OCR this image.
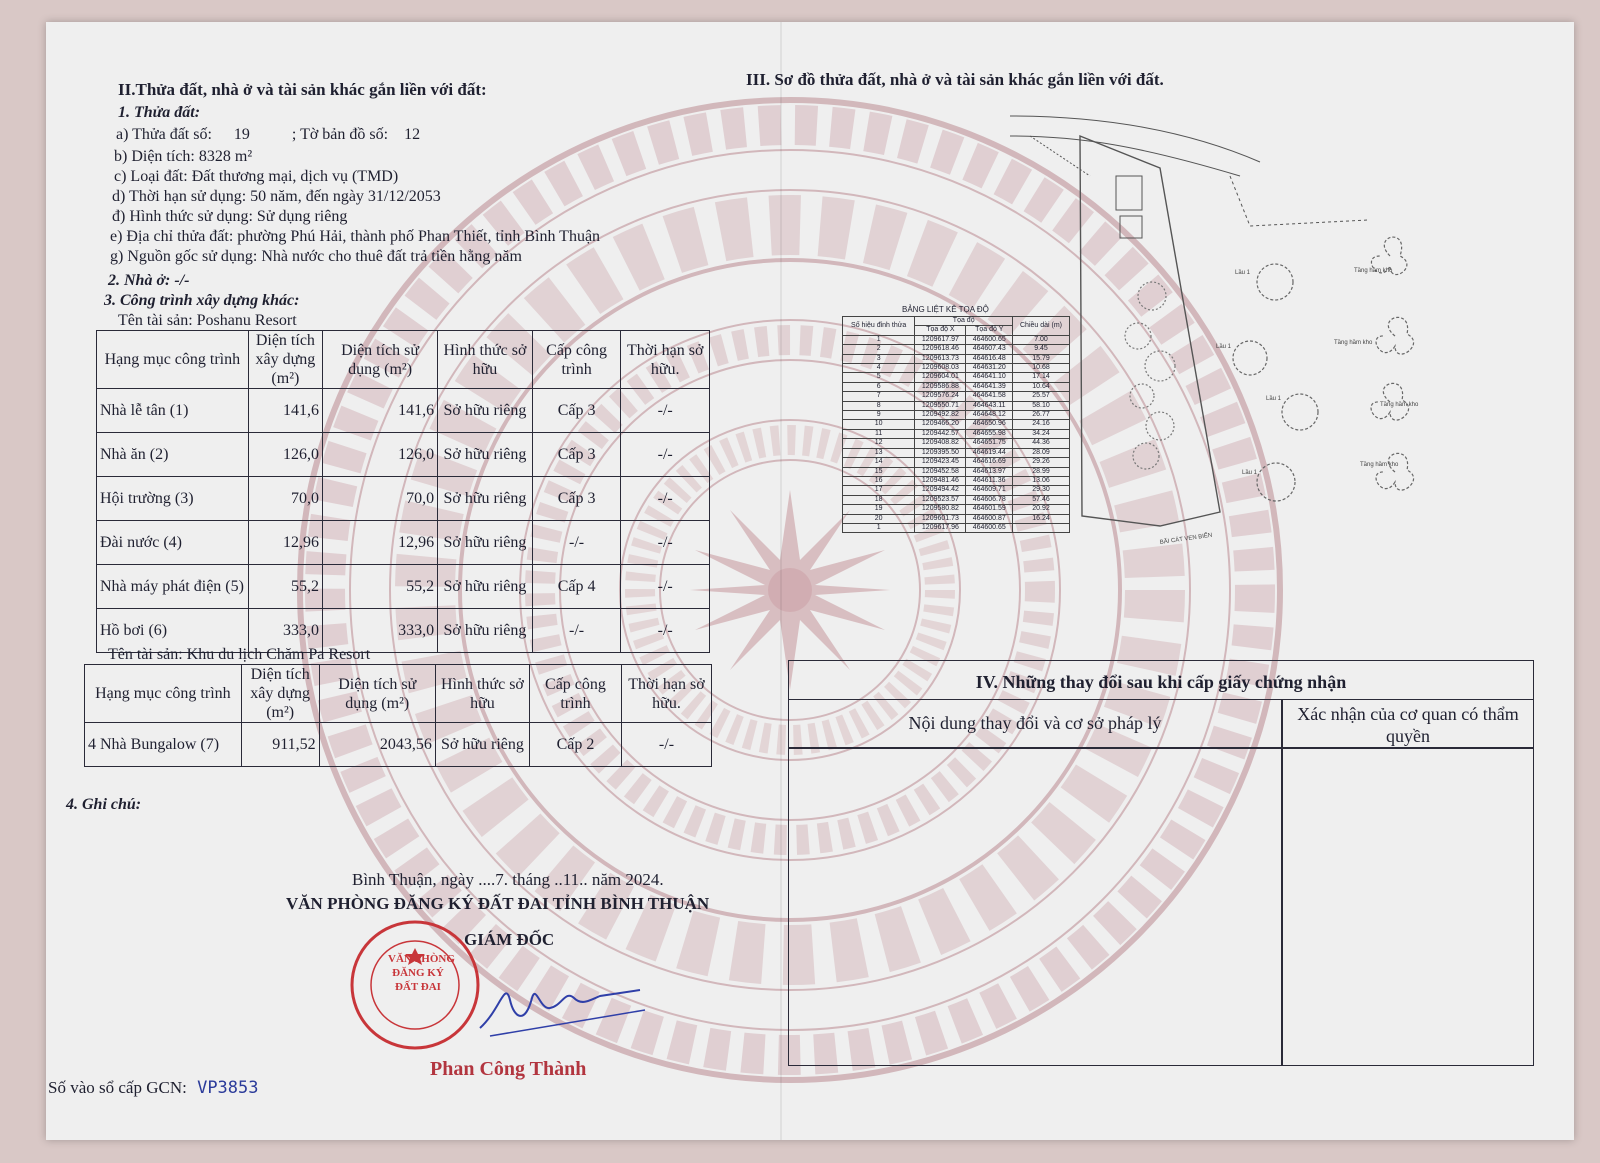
II.Thửa đất, nhà ở và tài sản khác gắn liền với đất:
1. Thửa đất:
a) Thửa đất số: 19	; Tờ bản đồ số: 12
b) Diện tích: 8328 m²
c) Loại đất: Đất thương mại, dịch vụ (TMD)
d) Thời hạn sử dụng: 50 năm, đến ngày 31/12/2053
đ) Hình thức sử dụng: Sử dụng riêng
e) Địa chỉ thửa đất: phường Phú Hải, thành phố Phan Thiết, tỉnh Bình Thuận
g) Nguồn gốc sử dụng: Nhà nước cho thuê đất trả tiền hằng năm
2. Nhà ở: -/-
3. Công trình xây dựng khác:
Tên tài sản: Poshanu Resort
Hạng mục công trình	Diện tích xây dựng (m²)	Diện tích sử dụng (m²)	Hình thức sở hữu	Cấp công trình	Thời hạn sở hữu.
Nhà lễ tân (1)	141,6	141,6	Sở hữu riêng	Cấp 3	-/-
Nhà ăn (2)	126,0	126,0	Sở hữu riêng	Cấp 3	-/-
Hội trường (3)	70,0	70,0	Sở hữu riêng	Cấp 3	-/-
Đài nước (4)	12,96	12,96	Sở hữu riêng	-/-	-/-
Nhà máy phát điện (5)	55,2	55,2	Sở hữu riêng	Cấp 4	-/-
Hồ bơi (6)	333,0	333,0	Sở hữu riêng	-/-	-/-
Tên tài sản: Khu du lịch Chăm Pa Resort
Hạng mục công trình	Diện tích xây dựng (m²)	Diện tích sử dụng (m²)	Hình thức sở hữu	Cấp công trình	Thời hạn sở hữu.
4 Nhà Bungalow (7)	911,52	2043,56	Sở hữu riêng	Cấp 2	-/-
4. Ghi chú:
Bình Thuận, ngày ....7. tháng ..11.. năm 2024.
VĂN PHÒNG ĐĂNG KÝ ĐẤT ĐAI TỈNH BÌNH THUẬN
GIÁM ĐỐC
VĂN PHÒNG
ĐĂNG KÝ
ĐẤT ĐAI
Phan Công Thành
Số vào sổ cấp GCN: VP3853
III. Sơ đồ thửa đất, nhà ở và tài sản khác gắn liền với đất.
BẢNG LIỆT KÊ TỌA ĐỘ
Số hiệu đỉnh thửa	Tọa độ		Chiều dài (m)
	Tọa độ X	Tọa độ Y	
1	1209617.97	464600.65	7.00
2	1209618.46	464607.43	9.45
3	1209613.73	464616.48	15.79
4	1209608.03	464631.20	10.68
5	1209604.01	464641.10	17.14
6	1209586.88	464641.39	10.64
7	1209576.24	464641.58	25.57
8	1209550.71	464643.11	58.10
9	1209492.82	464648.12	26.77
10	1209466.20	464650.96	24.16
11	1209442.57	464655.98	34.24
12	1209408.82	464651.75	44.36
13	1209395.50	464619.44	28.09
14	1209423.45	464616.69	29.26
15	1209452.58	464613.97	28.99
16	1209481.46	464611.36	13.06
17	1209494.42	464609.71	29.30
18	1209523.57	464606.78	57.46
19	1209580.82	464601.59	20.92
20	1209601.73	464600.87	16.24
1	1209617.96	464600.65	
Lầu 1
Lầu 1
Lầu 1
Lầu 1
Tầng hầm kho
Tầng hầm kho
Tầng hầm kho
Tầng hầm kho
BÃI CÁT VEN BIỂN
IV. Những thay đổi sau khi cấp giấy chứng nhận
Nội dung thay đổi và cơ sở pháp lý	Xác nhận của cơ quan có thẩm quyền
